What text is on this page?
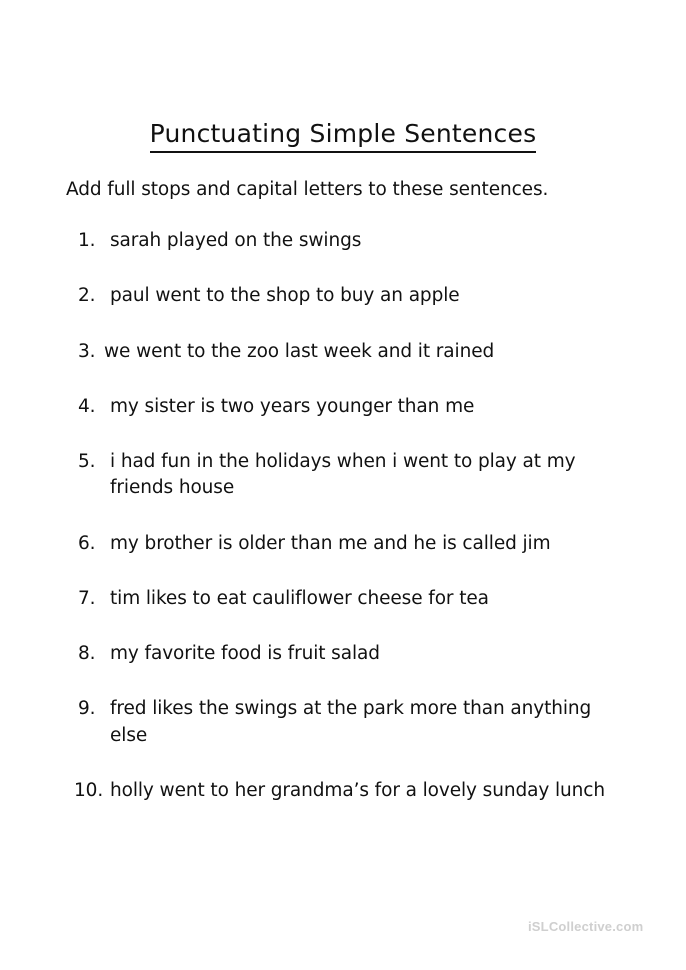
Punctuating Simple Sentences
Add full stops and capital letters to these sentences.
1. sarah played on the swings
2. paul went to the shop to buy an apple
3. we went to the zoo last week and it rained
4. my sister is two years younger than me
5. i had fun in the holidays when i went to play at my friends house
6. my brother is older than me and he is called jim
7. tim likes to eat cauliflower cheese for tea
8. my favorite food is fruit salad
9. fred likes the swings at the park more than anything else
10. holly went to her grandma’s for a lovely sunday lunch
iSLCollective.com
